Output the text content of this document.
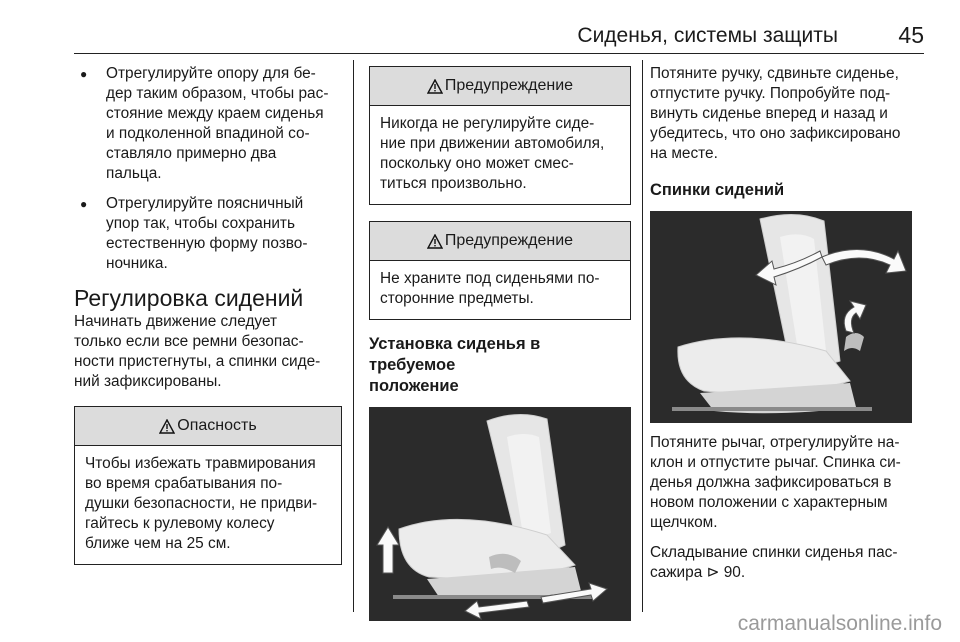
Сиденья, системы защиты	45
● Отрегулируйте опору для бе-
дер таким образом, чтобы рас-
стояние между краем сиденья
и подколенной впадиной со-
ставляло примерно два
пальца.
● Отрегулируйте поясничный
упор так, чтобы сохранить
естественную форму позво-
ночника.
Регулировка сидений

Начинать движение следует
только если все ремни безопас-
ности пристегнуты, а спинки сиде-
ний зафиксированы.

Опасность
Чтобы избежать травмирования
во время срабатывания по-
душки безопасности, не придви-
гайтесь к рулевому колесу
ближе чем на 25 см.
Предупреждение
Никогда не регулируйте сиде-
ние при движении автомобиля,
поскольку оно может смес-
титься произвольно.
Предупреждение
Не храните под сиденьями по-
сторонние предметы.
Установка сиденья в требуемое
положение

Потяните ручку, сдвиньте сиденье,
отпустите ручку. Попробуйте под-
винуть сиденье вперед и назад и
убедитесь, что оно зафиксировано
на месте.

Спинки сидений

Потяните рычаг, отрегулируйте на-
клон и отпустите рычаг. Спинка си-
денья должна зафиксироваться в
новом положении с характерным
щелчком.

Складывание спинки сиденья пас-
сажира ⊳ 90.

carmanualsonline.info
